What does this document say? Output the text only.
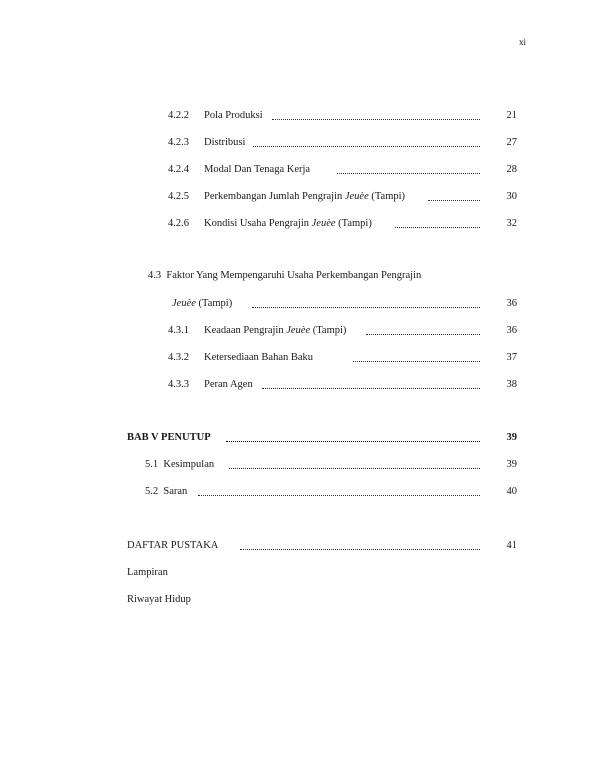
xi
4.2.2 Pola Produksi	21
4.2.3 Distribusi	27
4.2.4 Modal Dan Tenaga Kerja	28
4.2.5 Perkembangan Jumlah Pengrajin Jeuèe (Tampi)	30
4.2.6 Kondisi Usaha Pengrajin Jeuèe (Tampi)	32
4.3 Faktor Yang Mempengaruhi Usaha Perkembangan Pengrajin
Jeuèe (Tampi)	36
4.3.1 Keadaan Pengrajin Jeuèe (Tampi)	36
4.3.2 Ketersediaan Bahan Baku	37
4.3.3 Peran Agen	38
BAB V PENUTUP	39
5.1 Kesimpulan	39
5.2 Saran	40
DAFTAR PUSTAKA	41
Lampiran
Riwayat Hidup
